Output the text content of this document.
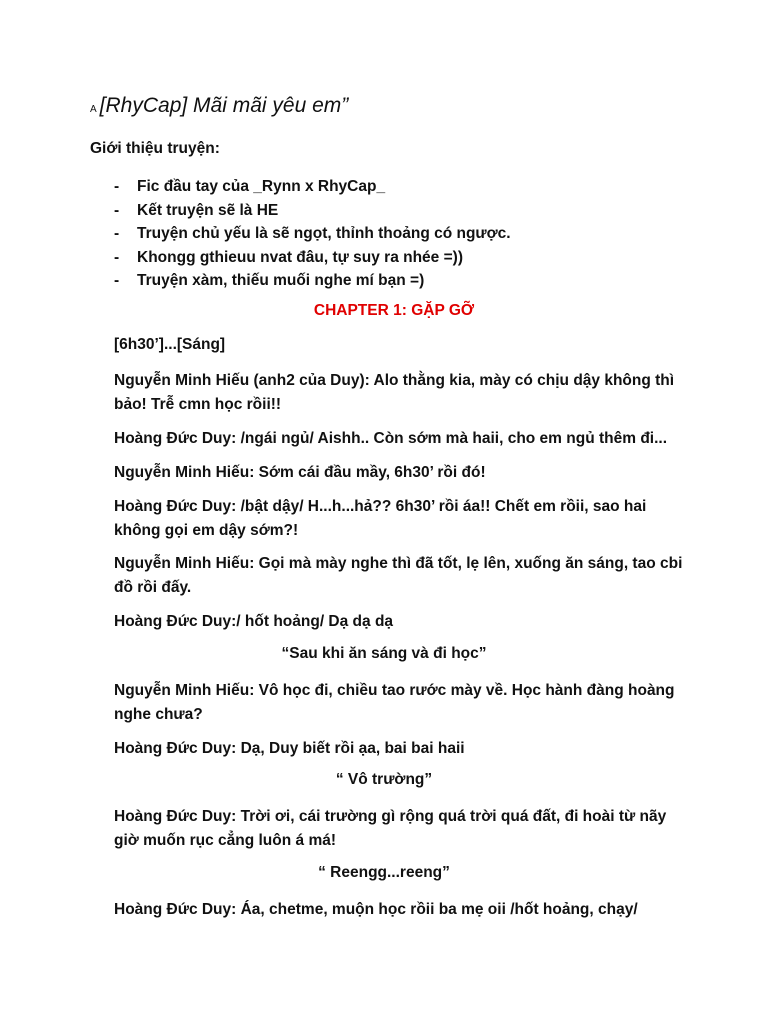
A [RhyCap] Mãi mãi yêu em”
Giới thiệu truyện:
- Fic đầu tay của _Rynn x RhyCap_
- Kết truyện sẽ là HE
- Truyện chủ yếu là sẽ ngọt, thỉnh thoảng có ngược.
- Khongg gthieuu nvat đâu, tự suy ra nhée =))
- Truyện xàm, thiếu muối nghe mí bạn =)
CHAPTER 1: GẶP GỠ
[6h30’]...[Sáng]
Nguyễn Minh Hiếu (anh2 của Duy): Alo thằng kia, mày có chịu dậy không thì bảo! Trễ cmn học rồii!!
Hoàng Đức Duy: /ngái ngủ/ Aishh.. Còn sớm mà haii, cho em ngủ thêm đi...
Nguyễn Minh Hiếu: Sớm cái đầu mầy, 6h30’ rồi đó!
Hoàng Đức Duy: /bật dậy/ H...h...hả?? 6h30’ rồi áa!! Chết em rồii, sao hai không gọi em dậy sớm?!
Nguyễn Minh Hiếu: Gọi mà mày nghe thì đã tốt, lẹ lên, xuống ăn sáng, tao cbi đồ rồi đấy.
Hoàng Đức Duy:/ hốt hoảng/ Dạ dạ dạ
“Sau khi ăn sáng và đi học”
Nguyễn Minh Hiếu: Vô học đi, chiều tao rước mày về. Học hành đàng hoàng nghe chưa?
Hoàng Đức Duy: Dạ, Duy biết rồi ạa, bai bai haii
“ Vô trường”
Hoàng Đức Duy: Trời ơi, cái trường gì rộng quá trời quá đất, đi hoài từ nãy giờ muốn rục cẳng luôn á má!
“ Reengg...reeng”
Hoàng Đức Duy: Áa, chetme, muộn học rồii ba mẹ oii /hốt hoảng, chạy/
